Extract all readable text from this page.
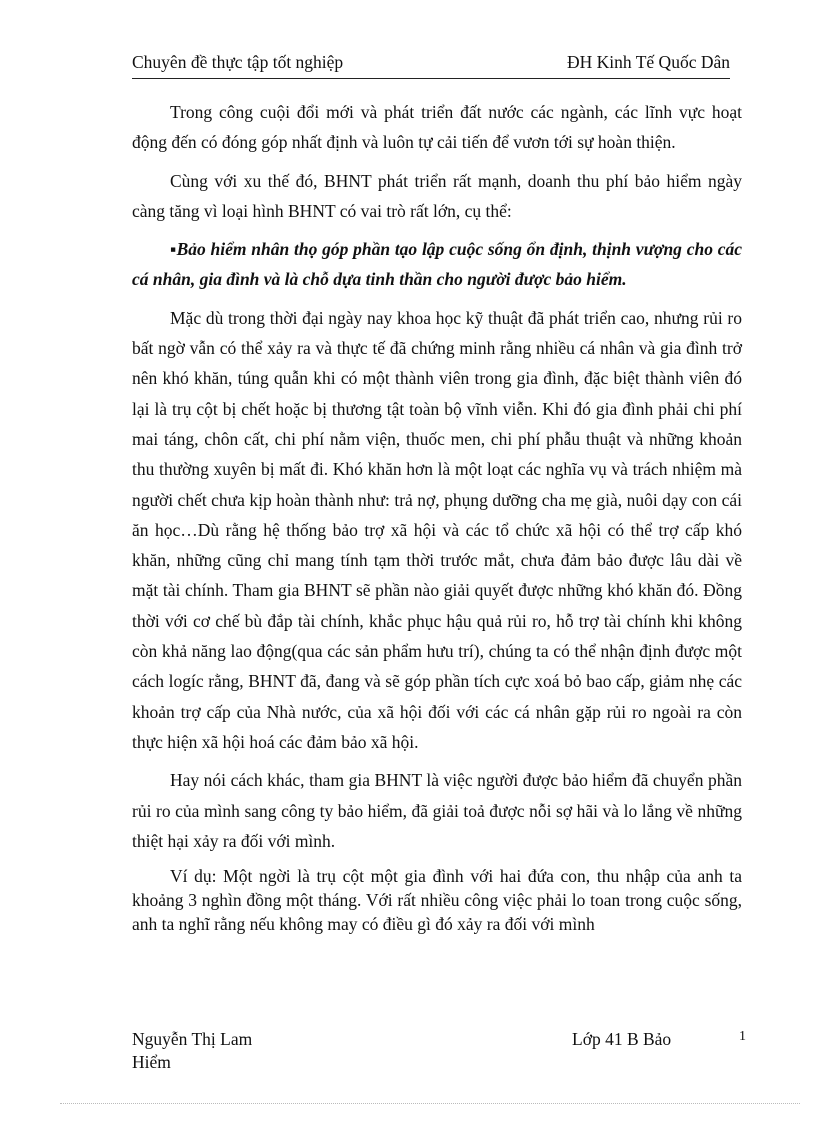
Chuyên đề thực tập tốt nghiệp	ĐH Kinh Tế Quốc Dân

Trong công cuội đổi mới và phát triển đất nước các ngành, các lĩnh vực hoạt động đến có đóng góp nhất định và luôn tự cải tiến để vươn tới sự hoàn thiện.

Cùng với xu thế đó, BHNT phát triển rất mạnh, doanh thu phí bảo hiểm ngày càng tăng vì loại hình BHNT có vai trò rất lớn, cụ thể:

▪Bảo hiểm nhân thọ góp phần tạo lập cuộc sống ổn định, thịnh vượng cho các cá nhân, gia đình và là chỗ dựa tinh thần cho người được bảo hiểm.

Mặc dù trong thời đại ngày nay khoa học kỹ thuật đã phát triển cao, nhưng rủi ro bất ngờ vẫn có thể xảy ra và thực tế đã chứng minh rằng nhiều cá nhân và gia đình trở nên khó khăn, túng quẫn khi có một thành viên trong gia đình, đặc biệt thành viên đó lại là trụ cột bị chết hoặc bị thương tật toàn bộ vĩnh viễn. Khi đó gia đình phải chi phí mai táng, chôn cất, chi phí nằm viện, thuốc men, chi phí phẫu thuật và những khoản thu thường xuyên bị mất đi. Khó khăn hơn là một loạt các nghĩa vụ và trách nhiệm mà người chết chưa kịp hoàn thành như: trả nợ, phụng dưỡng cha mẹ già, nuôi dạy con cái ăn học…Dù rằng hệ thống bảo trợ xã hội và các tổ chức xã hội có thể trợ cấp khó khăn, những cũng chỉ mang tính tạm thời trước mắt, chưa đảm bảo được lâu dài về mặt tài chính. Tham gia BHNT sẽ phần nào giải quyết được những khó khăn đó. Đồng thời với cơ chế bù đắp tài chính, khắc phục hậu quả rủi ro, hỗ trợ tài chính khi không còn khả năng lao động(qua các sản phẩm hưu trí), chúng ta có thể nhận định được một cách logíc rằng, BHNT đã, đang và sẽ góp phần tích cực xoá bỏ bao cấp, giảm nhẹ các khoản trợ cấp của Nhà nước, của xã hội đối với các cá nhân gặp rủi ro ngoài ra còn thực hiện xã hội hoá các đảm bảo xã hội.

Hay nói cách khác, tham gia BHNT là việc người được bảo hiểm đã chuyển phần rủi ro của mình sang công ty bảo hiểm, đã giải toả được nỗi sợ hãi và lo lắng về những thiệt hại xảy ra đối với mình.

Ví dụ: Một ngời là trụ cột một gia đình với hai đứa con, thu nhập của anh ta khoảng 3 nghìn đồng một tháng. Với rất nhiều công việc phải lo toan trong cuộc sống, anh ta nghĩ rằng nếu không may có điều gì đó xảy ra đối với mình

Nguyễn Thị Lam Hiểm
Lớp 41 B Bảo	1
